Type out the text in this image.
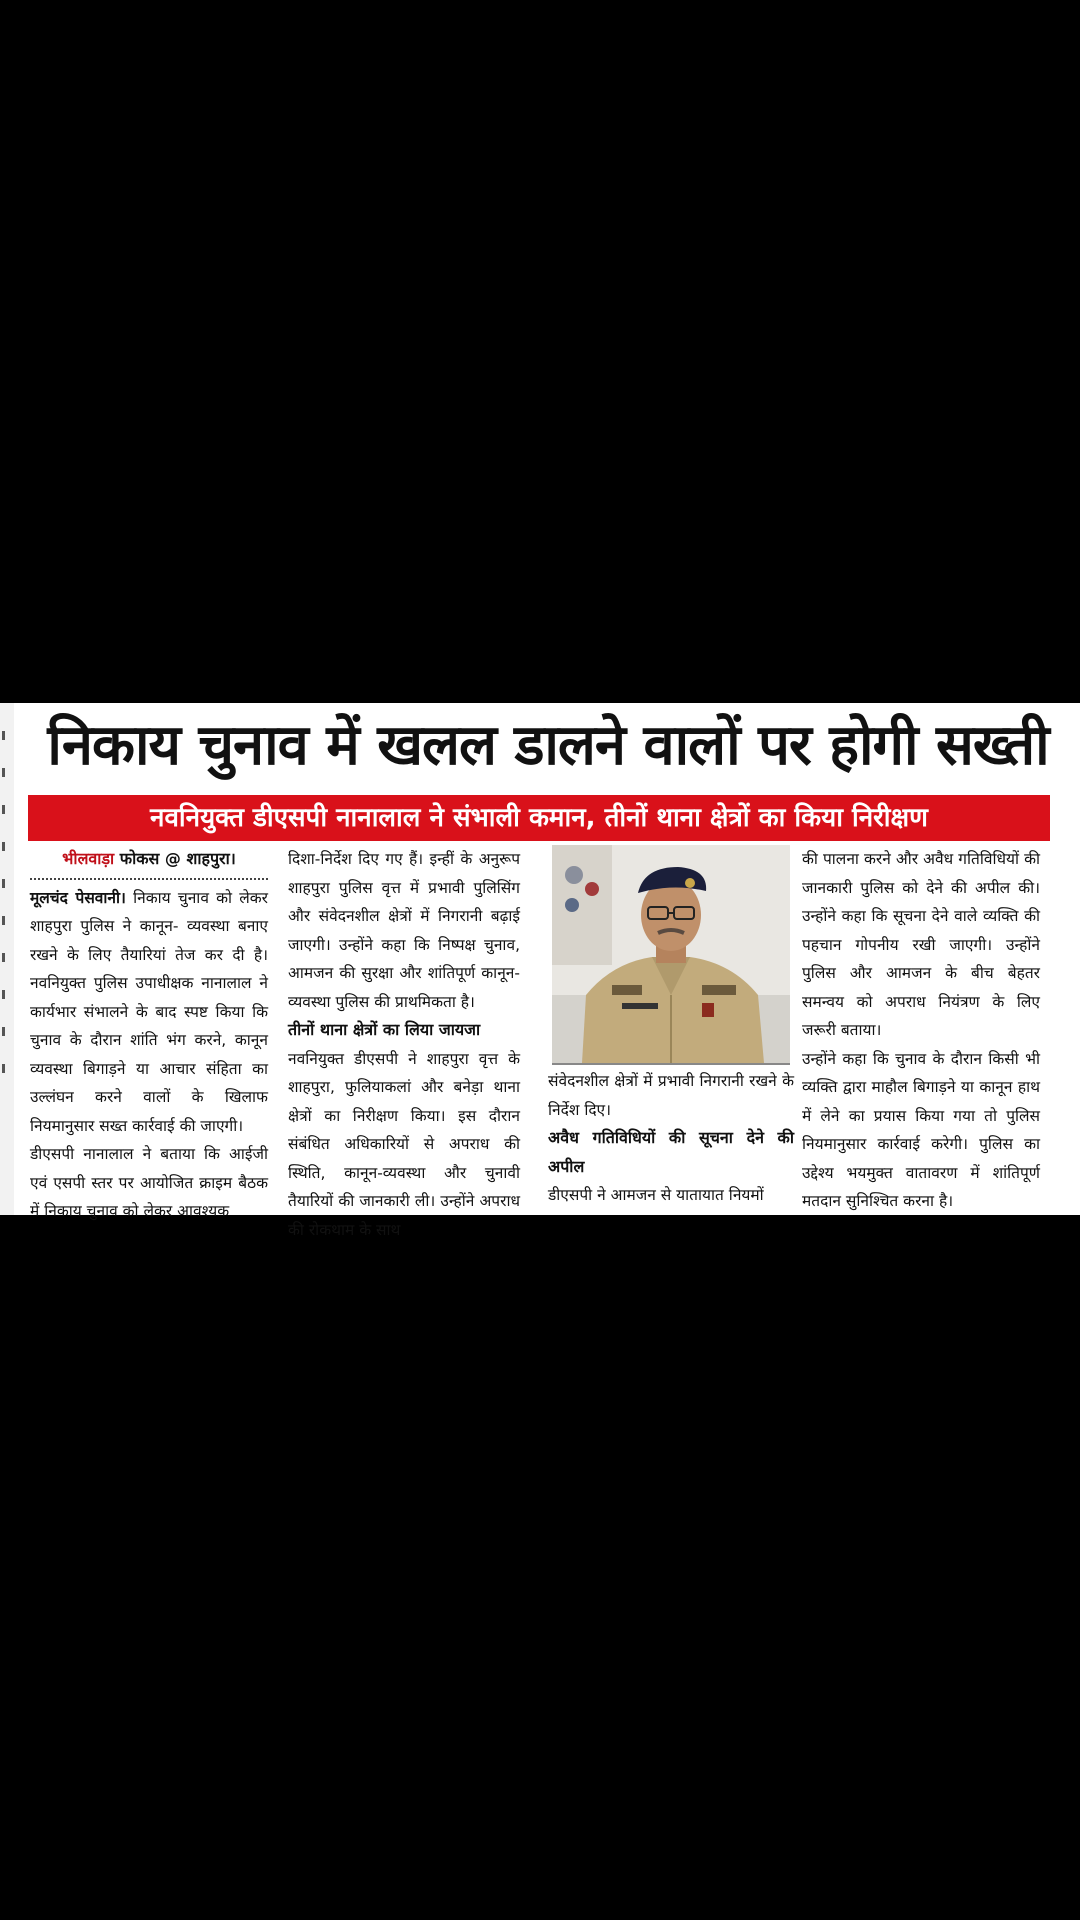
निकाय चुनाव में खलल डालने वालों पर होगी सख्ती
नवनियुक्त डीएसपी नानालाल ने संभाली कमान, तीनों थाना क्षेत्रों का किया निरीक्षण
भीलवाड़ा फोकस @ शाहपुरा।

मूलचंद पेसवानी। निकाय चुनाव को लेकर शाहपुरा पुलिस ने कानून- व्यवस्था बनाए रखने के लिए तैयारियां तेज कर दी है। नवनियुक्त पुलिस उपाधीक्षक नानालाल ने कार्यभार संभालने के बाद स्पष्ट किया कि चुनाव के दौरान शांति भंग करने, कानून व्यवस्था बिगाड़ने या आचार संहिता का उल्लंघन करने वालों के खिलाफ नियमानुसार सख्त कार्रवाई की जाएगी।

डीएसपी नानालाल ने बताया कि आईजी एवं एसपी स्तर पर आयोजित क्राइम बैठक में निकाय चुनाव को लेकर आवश्यक

दिशा-निर्देश दिए गए हैं। इन्हीं के अनुरूप शाहपुरा पुलिस वृत्त में प्रभावी पुलिसिंग और संवेदनशील क्षेत्रों में निगरानी बढ़ाई जाएगी। उन्होंने कहा कि निष्पक्ष चुनाव, आमजन की सुरक्षा और शांतिपूर्ण कानून-व्यवस्था पुलिस की प्राथमिकता है।

तीनों थाना क्षेत्रों का लिया जायजा

नवनियुक्त डीएसपी ने शाहपुरा वृत्त के शाहपुरा, फुलियाकलां और बनेड़ा थाना क्षेत्रों का निरीक्षण किया। इस दौरान संबंधित अधिकारियों से अपराध की स्थिति, कानून-व्यवस्था और चुनावी तैयारियों की जानकारी ली। उन्होंने अपराध की रोकथाम के साथ

संवेदनशील क्षेत्रों में प्रभावी निगरानी रखने के निर्देश दिए।

अवैध गतिविधियों की सूचना देने की अपील

डीएसपी ने आमजन से यातायात नियमों

की पालना करने और अवैध गतिविधियों की जानकारी पुलिस को देने की अपील की। उन्होंने कहा कि सूचना देने वाले व्यक्ति की पहचान गोपनीय रखी जाएगी। उन्होंने पुलिस और आमजन के बीच बेहतर समन्वय को अपराध नियंत्रण के लिए जरूरी बताया।

उन्होंने कहा कि चुनाव के दौरान किसी भी व्यक्ति द्वारा माहौल बिगाड़ने या कानून हाथ में लेने का प्रयास किया गया तो पुलिस नियमानुसार कार्रवाई करेगी। पुलिस का उद्देश्य भयमुक्त वातावरण में शांतिपूर्ण मतदान सुनिश्चित करना है।
